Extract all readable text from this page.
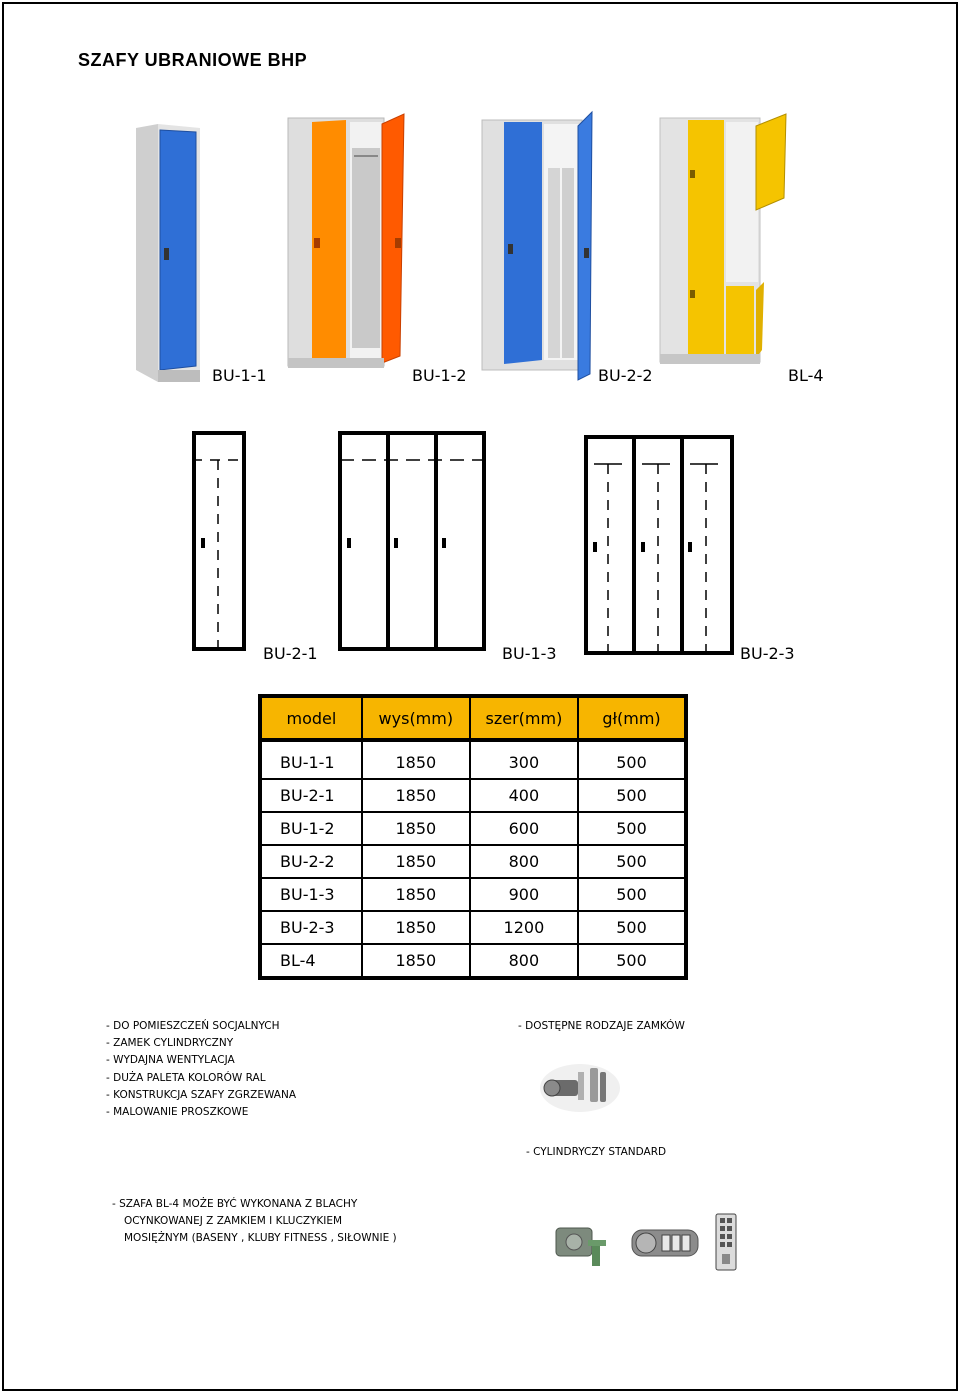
SZAFY UBRANIOWE BHP
BU-1-1	BU-1-2	BU-2-2	BL-4
BU-2-1	BU-1-3	BU-2-3
model	wys(mm)	szer(mm)	gł(mm)
BU-1-1	1850	300	500
BU-2-1	1850	400	500
BU-1-2	1850	600	500
BU-2-2	1850	800	500
BU-1-3	1850	900	500
BU-2-3	1850	1200	500
BL-4	1850	800	500
- DO POMIESZCZEŃ SOCJALNYCH
- ZAMEK CYLINDRYCZNY
- WYDAJNA WENTYLACJA
- DUŻA PALETA KOLORÓW RAL
- KONSTRUKCJA SZAFY ZGRZEWANA
- MALOWANIE PROSZKOWE
- DOSTĘPNE RODZAJE ZAMKÓW
- CYLINDRYCZY STANDARD
- SZAFA BL-4 MOŻE BYĆ WYKONANA Z BLACHY
OCYNKOWANEJ Z ZAMKIEM I KLUCZYKIEM
MOSIĘŻNYM (BASENY , KLUBY FITNESS , SIŁOWNIE )
